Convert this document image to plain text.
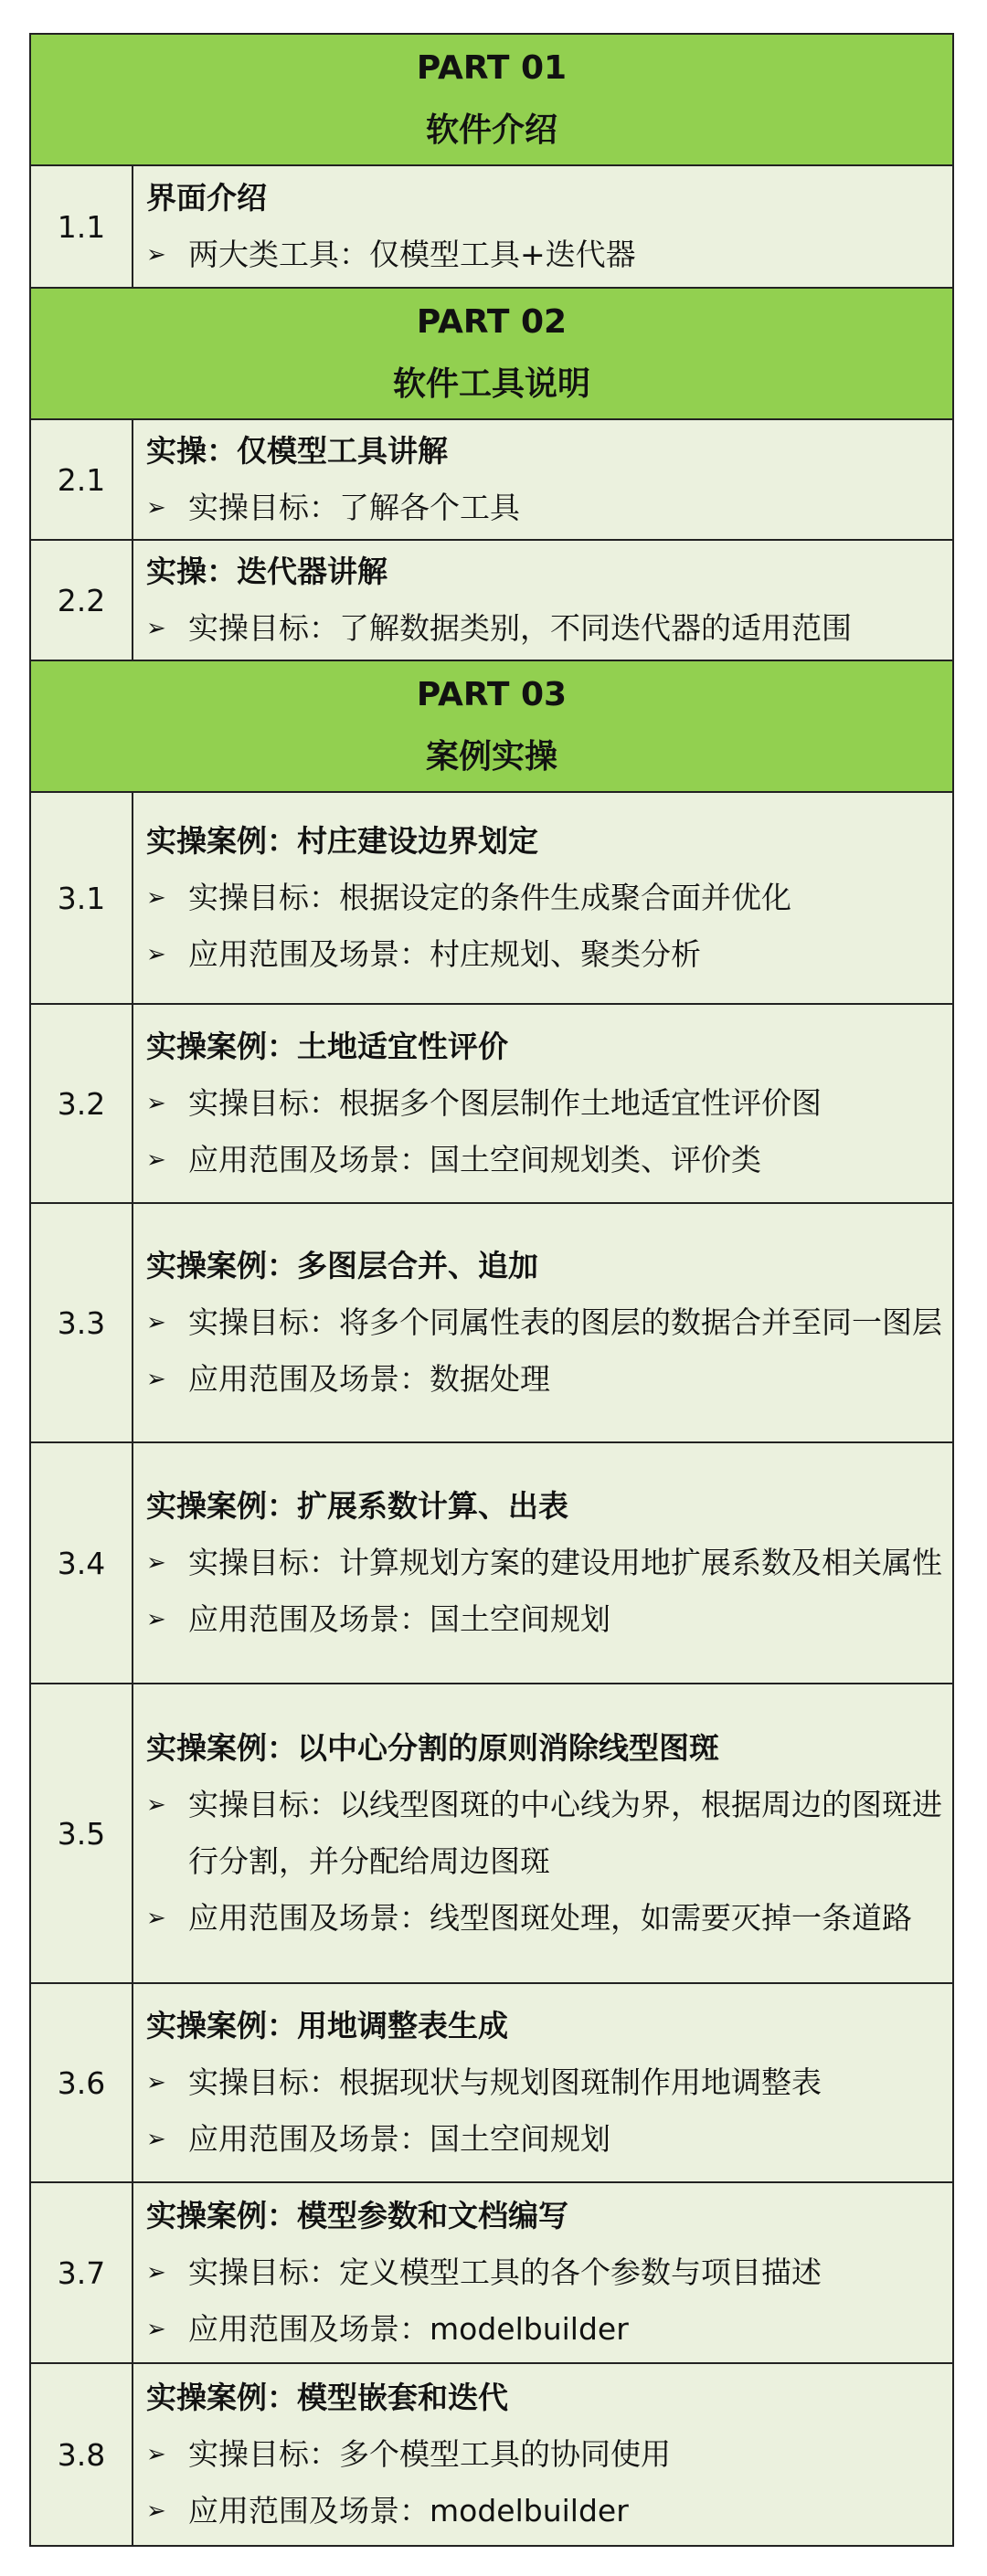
PART 01
软件介绍
1.1
界面介绍
➢ 两大类工具：仅模型工具+迭代器
PART 02
软件工具说明
2.1
实操：仅模型工具讲解
➢ 实操目标：了解各个工具
2.2
实操：迭代器讲解
➢ 实操目标：了解数据类别，不同迭代器的适用范围
PART 03
案例实操
3.1
实操案例：村庄建设边界划定
➢ 实操目标：根据设定的条件生成聚合面并优化
➢ 应用范围及场景：村庄规划、聚类分析
3.2
实操案例：土地适宜性评价
➢ 实操目标：根据多个图层制作土地适宜性评价图
➢ 应用范围及场景：国土空间规划类、评价类
3.3
实操案例：多图层合并、追加
➢ 实操目标：将多个同属性表的图层的数据合并至同一图层
➢ 应用范围及场景：数据处理
3.4
实操案例：扩展系数计算、出表
➢ 实操目标：计算规划方案的建设用地扩展系数及相关属性
➢ 应用范围及场景：国土空间规划
3.5
实操案例：以中心分割的原则消除线型图斑
➢ 实操目标：以线型图斑的中心线为界，根据周边的图斑进行分割，并分配给周边图斑
➢ 应用范围及场景：线型图斑处理，如需要灭掉一条道路
3.6
实操案例：用地调整表生成
➢ 实操目标：根据现状与规划图斑制作用地调整表
➢ 应用范围及场景：国土空间规划
3.7
实操案例：模型参数和文档编写
➢ 实操目标：定义模型工具的各个参数与项目描述
➢ 应用范围及场景：modelbuilder
3.8
实操案例：模型嵌套和迭代
➢ 实操目标：多个模型工具的协同使用
➢ 应用范围及场景：modelbuilder
